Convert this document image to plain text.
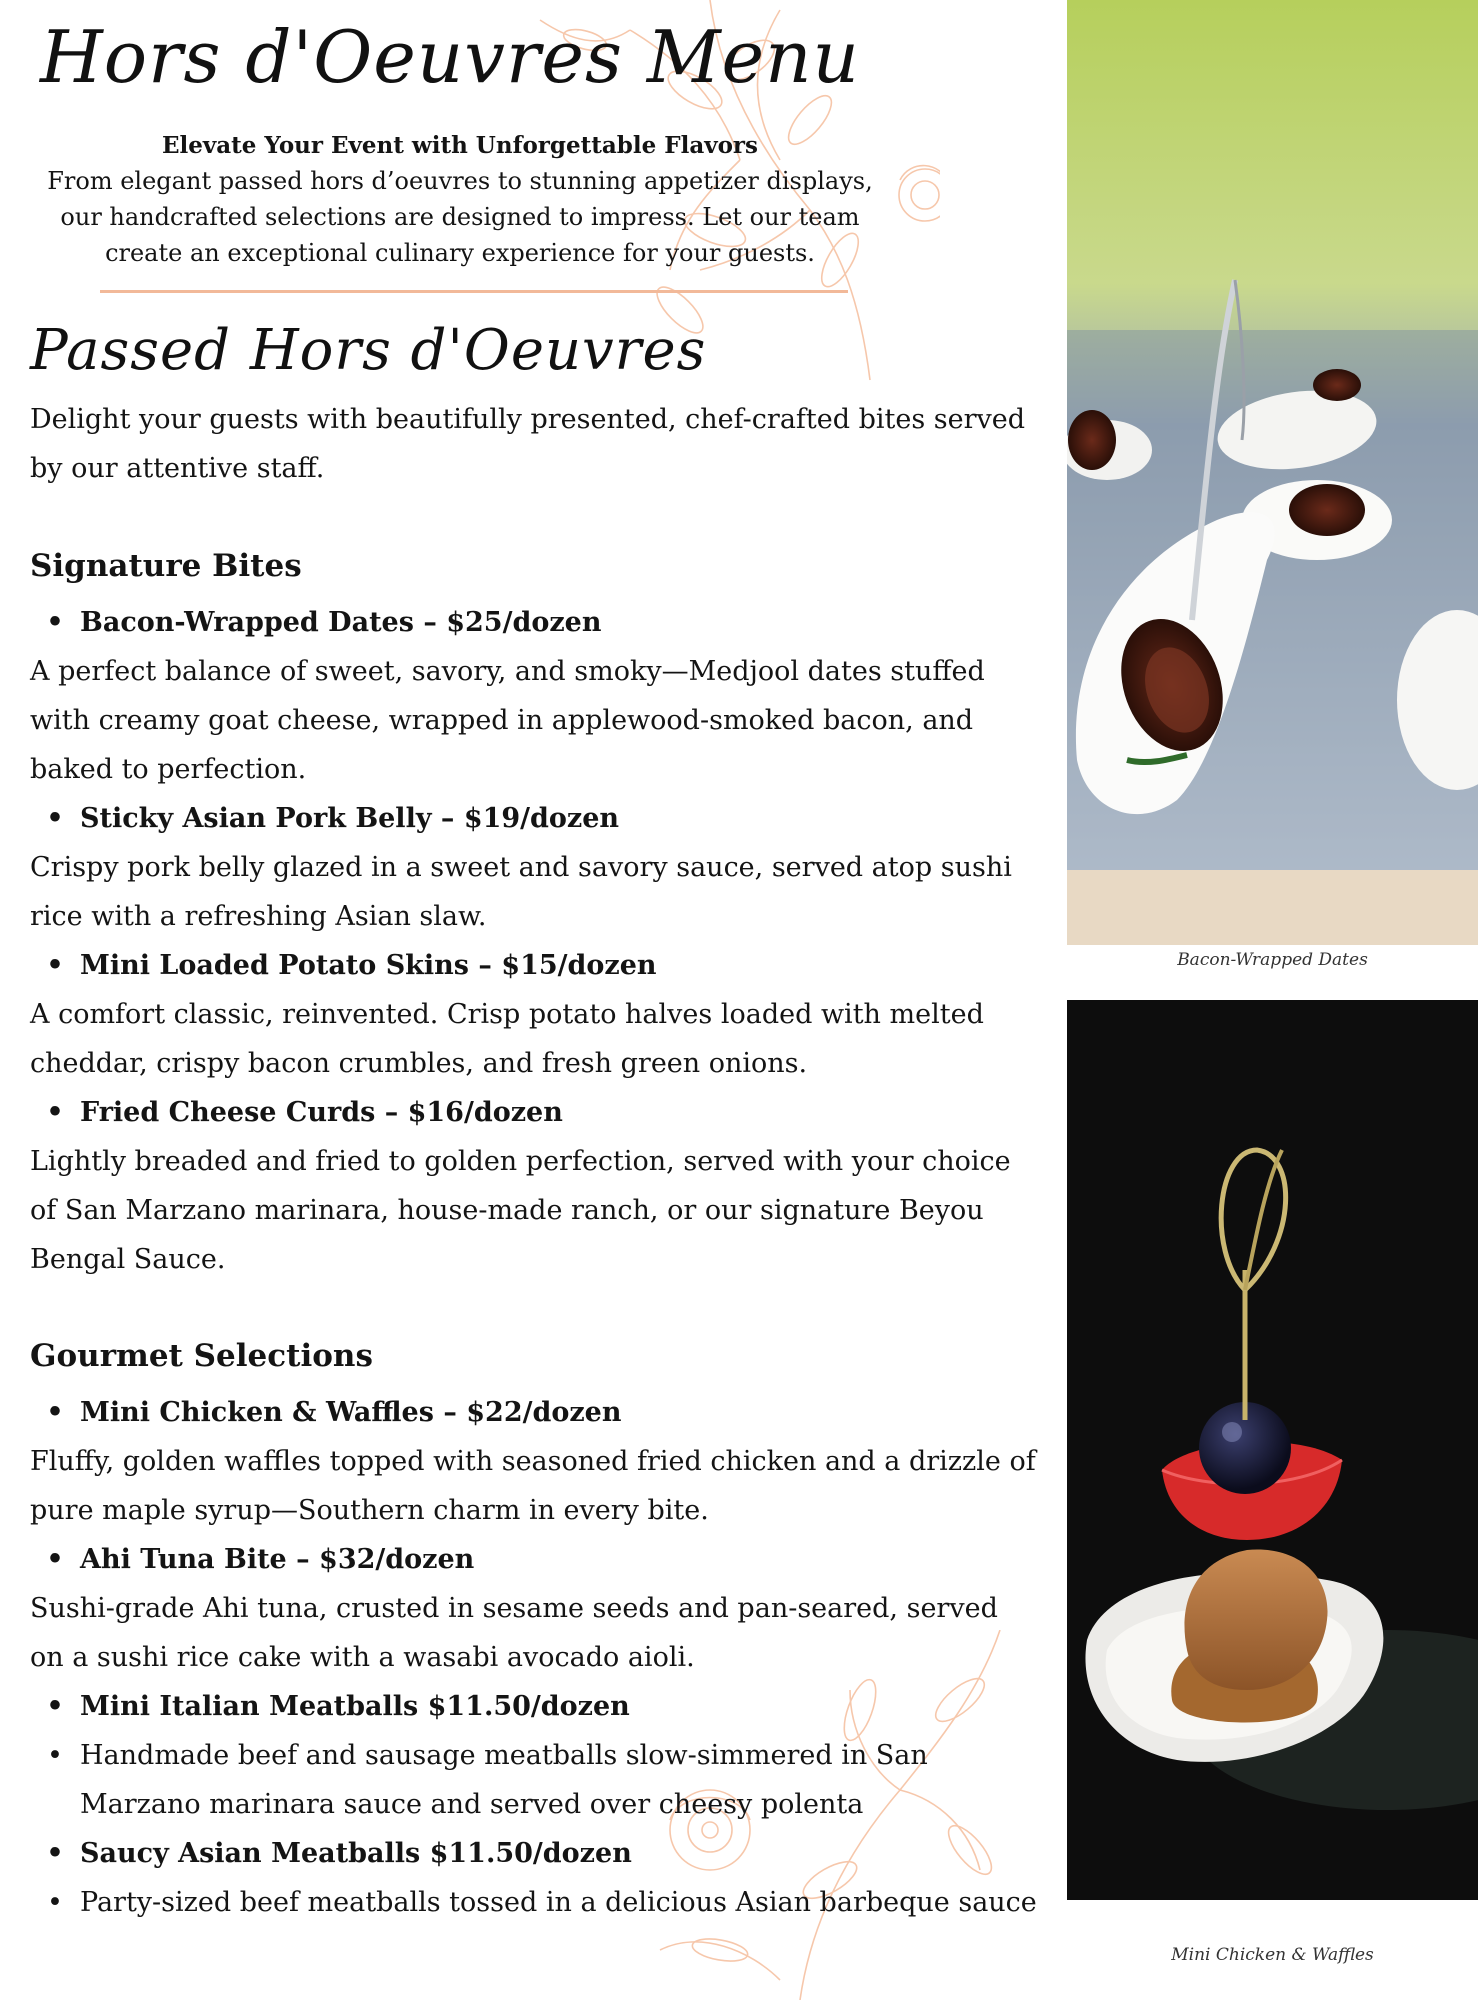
Hors d'Oeuvres Menu

Elevate Your Event with Unforgettable Flavors

From elegant passed hors d’oeuvres to stunning appetizer displays, our handcrafted selections are designed to impress. Let our team create an exceptional culinary experience for your guests.

Passed Hors d'Oeuvres

Delight your guests with beautifully presented, chef-crafted bites served by our attentive staff.

Signature Bites
• Bacon-Wrapped Dates – $25/dozen

A perfect balance of sweet, savory, and smoky—Medjool dates stuffed with creamy goat cheese, wrapped in applewood-smoked bacon, and baked to perfection.

• Sticky Asian Pork Belly – $19/dozen

Crispy pork belly glazed in a sweet and savory sauce, served atop sushi rice with a refreshing Asian slaw.

• Mini Loaded Potato Skins – $15/dozen

A comfort classic, reinvented. Crisp potato halves loaded with melted cheddar, crispy bacon crumbles, and fresh green onions.

• Fried Cheese Curds – $16/dozen

Lightly breaded and fried to golden perfection, served with your choice of San Marzano marinara, house-made ranch, or our signature Beyou Bengal Sauce.

Gourmet Selections
• Mini Chicken & Waffles – $22/dozen

Fluffy, golden waffles topped with seasoned fried chicken and a drizzle of pure maple syrup—Southern charm in every bite.

• Ahi Tuna Bite – $32/dozen

Sushi-grade Ahi tuna, crusted in sesame seeds and pan-seared, served on a sushi rice cake with a wasabi avocado aioli.

• Mini Italian Meatballs $11.50/dozen
• Handmade beef and sausage meatballs slow-simmered in San Marzano marinara sauce and served over cheesy polenta
• Saucy Asian Meatballs $11.50/dozen
• Party-sized beef meatballs tossed in a delicious Asian barbeque sauce
Bacon-Wrapped Dates
Mini Chicken & Waffles
